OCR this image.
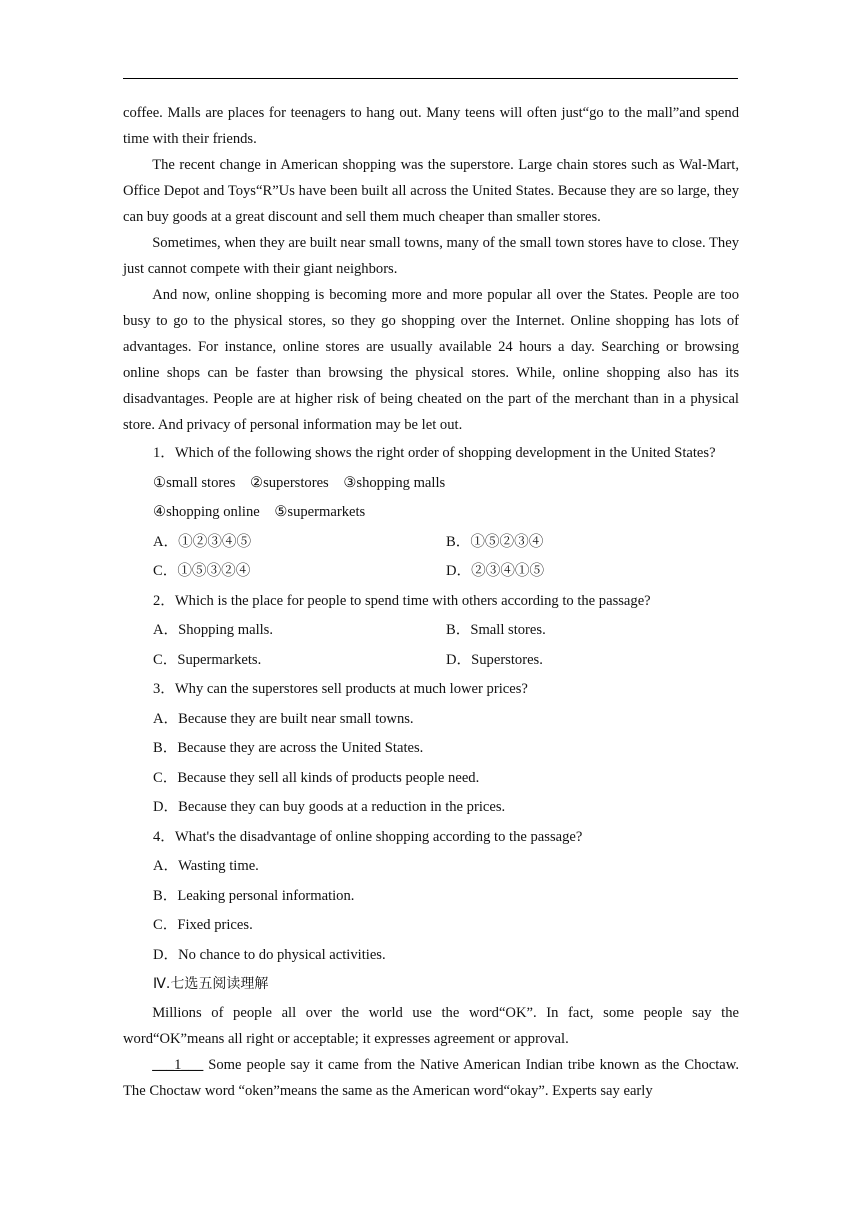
coffee. Malls are places for teenagers to hang out. Many teens will often just“go to the mall”and spend time with their friends.

The recent change in American shopping was the superstore. Large chain stores such as Wal-Mart, Office Depot and Toys“R”Us have been built all across the United States. Because they are so large, they can buy goods at a great discount and sell them much cheaper than smaller stores.

Sometimes, when they are built near small towns, many of the small town stores have to close. They just cannot compete with their giant neighbors.

And now, online shopping is becoming more and more popular all over the States. People are too busy to go to the physical stores, so they go shopping over the Internet. Online shopping has lots of advantages. For instance, online stores are usually available 24 hours a day. Searching or browsing online shops can be faster than browsing the physical stores. While, online shopping also has its disadvantages. People are at higher risk of being cheated on the part of the merchant than in a physical store. And privacy of personal information may be let out.

1．Which of the following shows the right order of shopping development in the United States?

①small stores　②superstores　③shopping malls

④shopping online　⑤supermarkets

A．①②③④⑤	B．①⑤②③④
C．①⑤③②④	D．②③④①⑤

2．Which is the place for people to spend time with others according to the passage?

A．Shopping malls.	B．Small stores.
C．Supermarkets.	D．Superstores.

3．Why can the superstores sell products at much lower prices?

A．Because they are built near small towns.

B．Because they are across the United States.

C．Because they sell all kinds of products people need.

D．Because they can buy goods at a reduction in the prices.

4．What's the disadvantage of online shopping according to the passage?

A．Wasting time.

B．Leaking personal information.

C．Fixed prices.

D．No chance to do physical activities.

Ⅳ.七选五阅读理解

Millions of people all over the world use the word“OK”. In fact, some people say the word“OK”means all right or acceptable; it expresses agreement or approval.

___1___ Some people say it came from the Native American Indian tribe known as the Choctaw. The Choctaw word “oken”means the same as the American word“okay”. Experts say early
